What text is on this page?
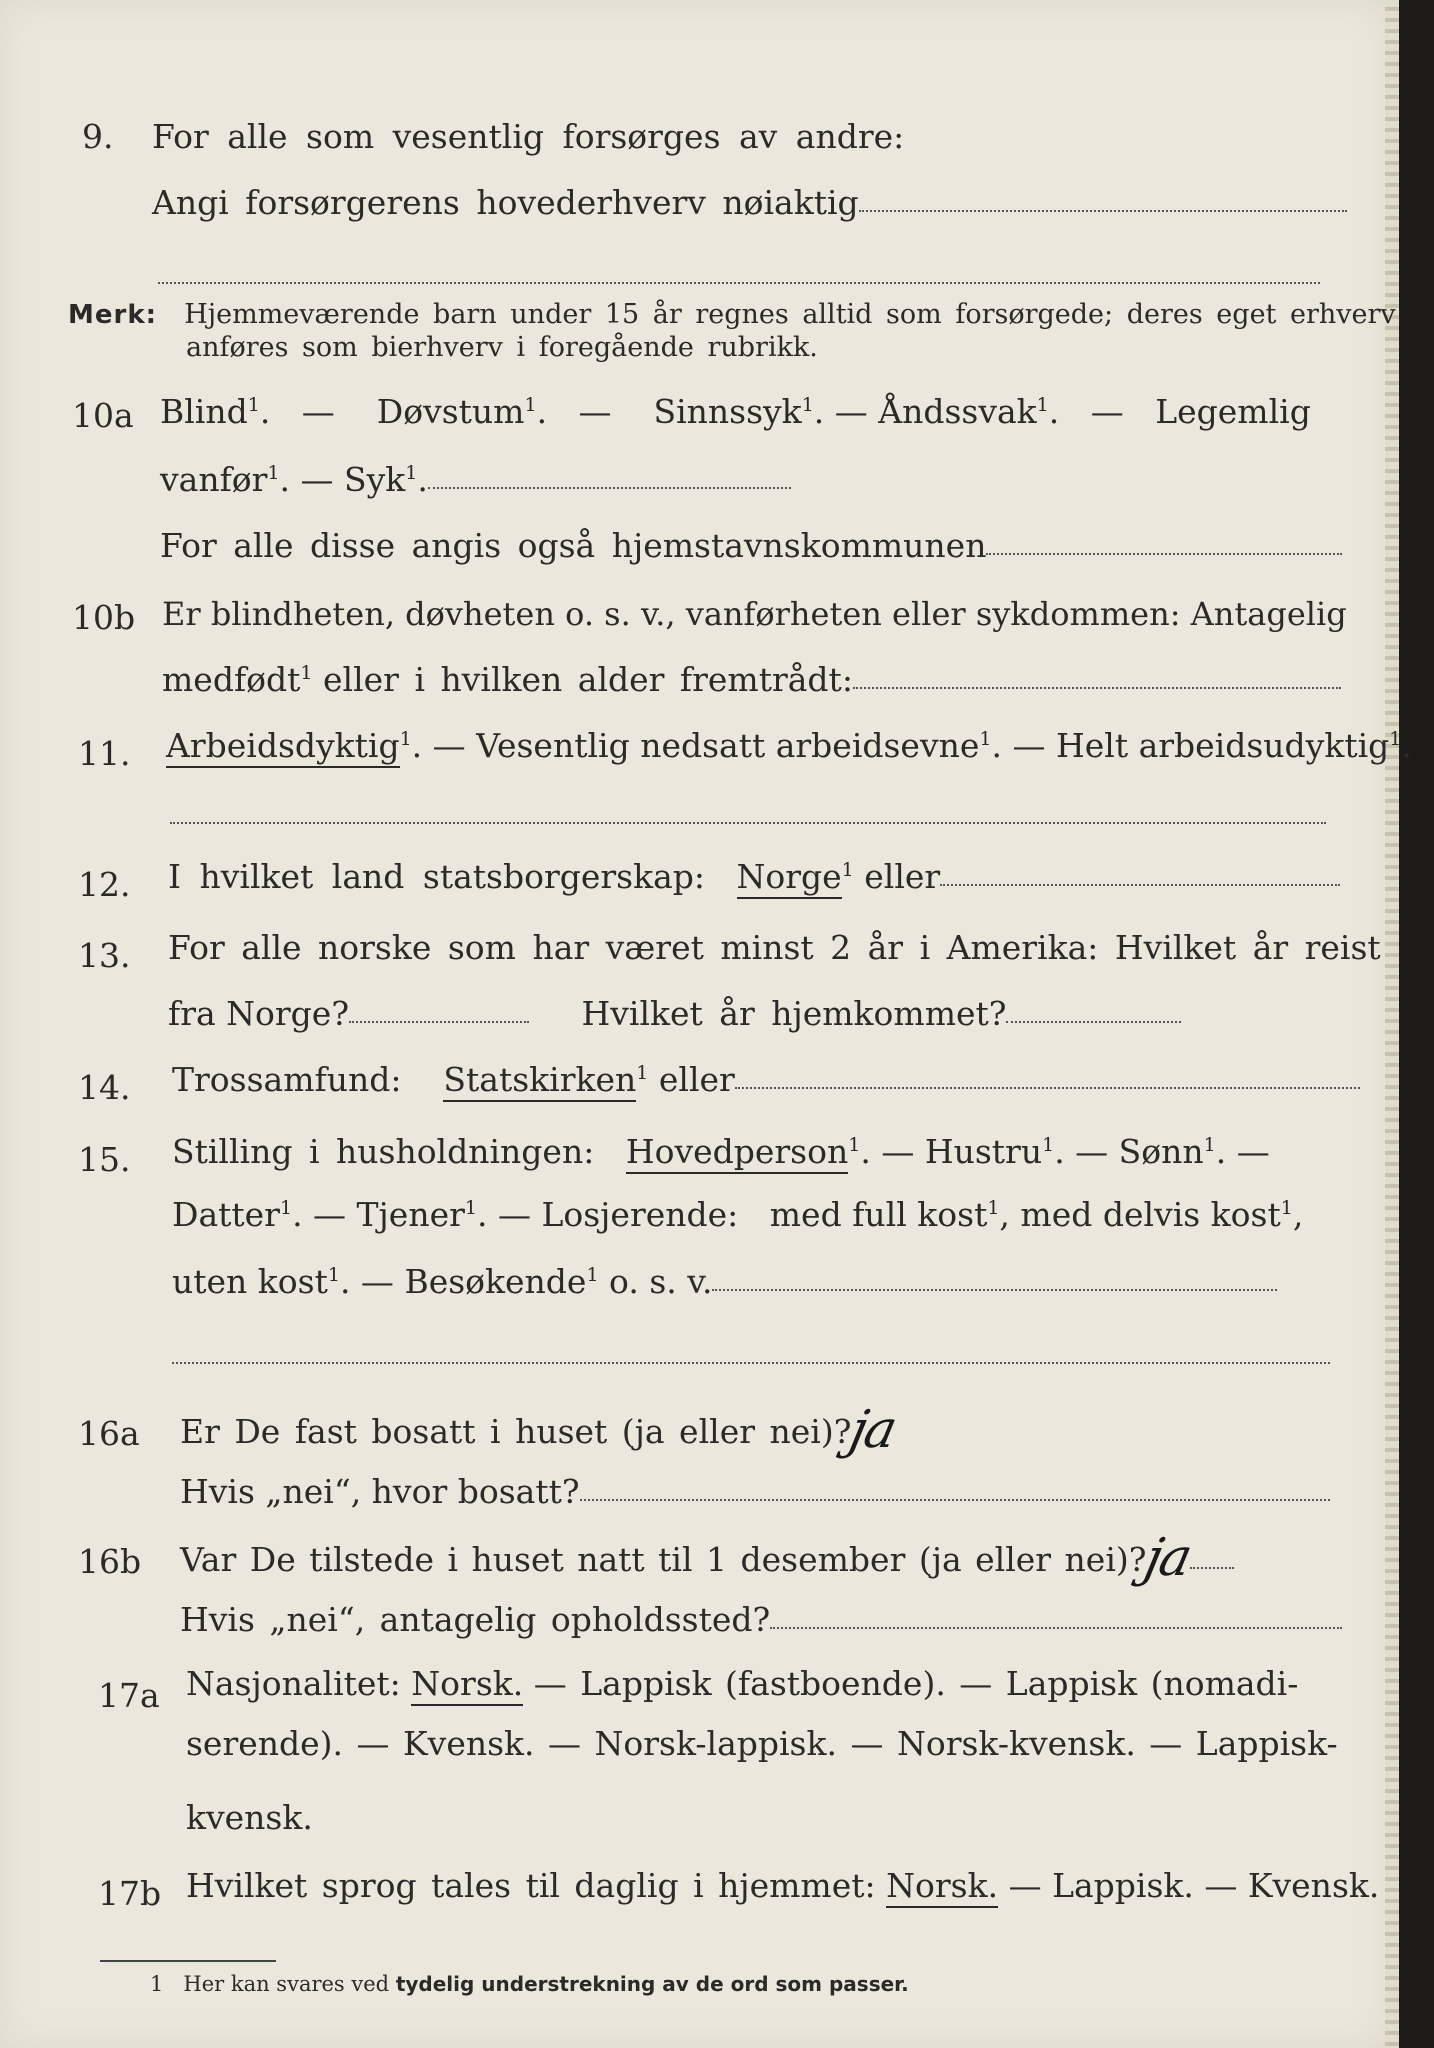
9. For alle som vesentlig forsørges av andre:
Angi forsørgerens hovederhverv nøiaktig
Merk: Hjemmeværende barn under 15 år regnes alltid som forsørgede; deres eget erhverv
anføres som bierhverv i foregående rubrikk.
10a Blind$^1$.   —    Døvstum$^1$.   —    Sinnssyk$^1$. — Åndssvak$^1$.   —   Legemlig
vanfør$^1$. — Syk$^1$.
For alle disse angis også hjemstavnskommunen
10b Er blindheten, døvheten o. s. v., vanførheten eller sykdommen: Antagelig
medfødt$^1$ eller i hvilken alder fremtrådt:
11. Arbeidsdyktig$^1$. — Vesentlig nedsatt arbeidsevne$^1$. — Helt arbeidsudyktig$^1$.
12. I hvilket land statsborgerskap: Norge$^1$ eller
13. For alle norske som har været minst 2 år i Amerika: Hvilket år reist
fra Norge?	Hvilket år hjemkommet?
14. Trossamfund: Statskirken$^1$ eller
15. Stilling i husholdningen: Hovedperson$^1$. — Hustru$^1$. — Sønn$^1$. —
Datter$^1$. — Tjener$^1$. — Losjerende: med full kost$^1$, med delvis kost$^1$,
uten kost$^1$. — Besøkende$^1$ o. s. v.
16a Er De fast bosatt i huset (ja eller nei)?ja
Hvis „nei“, hvor bosatt?
16b Var De tilstede i huset natt til 1 desember (ja eller nei)?ja
Hvis „nei“, antagelig opholdssted?
17a Nasjonalitet: Norsk. — Lappisk (fastboende). — Lappisk (nomadi-
serende). — Kvensk. — Norsk-lappisk. — Norsk-kvensk. — Lappisk-
kvensk.
17b Hvilket sprog tales til daglig i hjemmet: Norsk. — Lappisk. — Kvensk.
1 Her kan svares ved tydelig understrekning av de ord som passer.
